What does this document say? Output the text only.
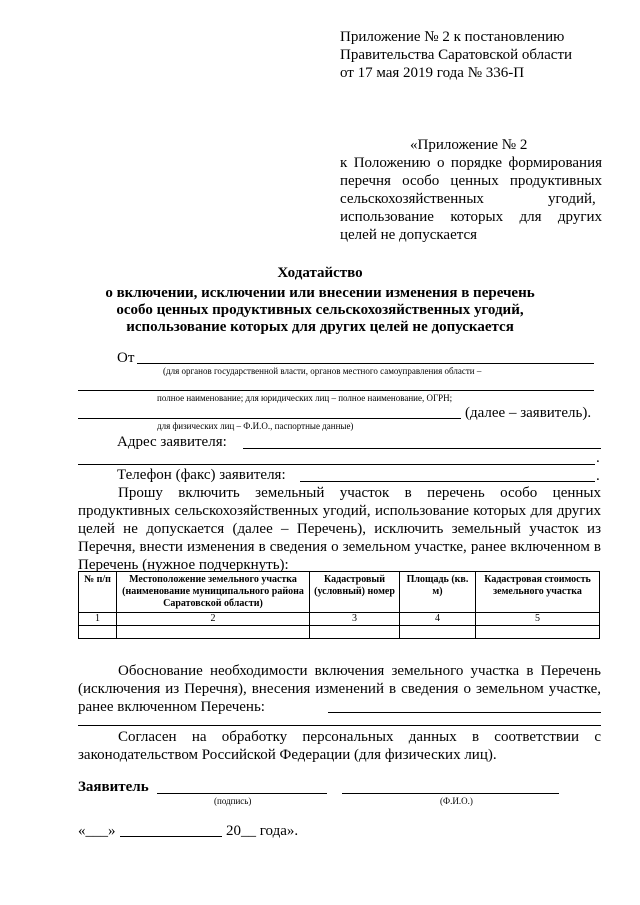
Приложение № 2 к постановлению
Правительства Саратовской области
от 17 мая 2019 года № 336-П
«Приложение № 2
к Положению о порядке формирования
перечня особо ценных продуктивных
сельскохозяйственных	угодий,
использование которых для других
целей не допускается
Ходатайство
о включении, исключении или внесении изменения в перечень
особо ценных продуктивных сельскохозяйственных угодий,
использование которых для других целей не допускается
От
(для органов государственной власти, органов местного самоуправления области –
полное наименование; для юридических лиц – полное наименование, ОГРН;
(далее – заявитель).
для физических лиц – Ф.И.О., паспортные данные)
Адрес заявителя:
.
Телефон (факс) заявителя:	.
Прошу включить земельный участок в перечень особо ценных продуктивных сельскохозяйственных угодий, использование которых для других целей не допускается (далее – Перечень), исключить земельный участок из Перечня, внести изменения в сведения о земельном участке, ранее включенном в Перечень (нужное подчеркнуть):
№ п/п	Местоположение земельного участка (наименование муниципального района Саратовской области)	Кадастровый (условный) номер	Площадь (кв. м)	Кадастровая стоимость земельного участка
1	2	3	4	5

Обоснование необходимости включения земельного участка в Перечень (исключения из Перечня), внесения изменений в сведения о земельном участке, ранее включенном Перечень:
Согласен на обработку персональных данных в соответствии с законодательством Российской Федерации (для физических лиц).
Заявитель
(подпись)	(Ф.И.О.)
«___»	20__ года».
